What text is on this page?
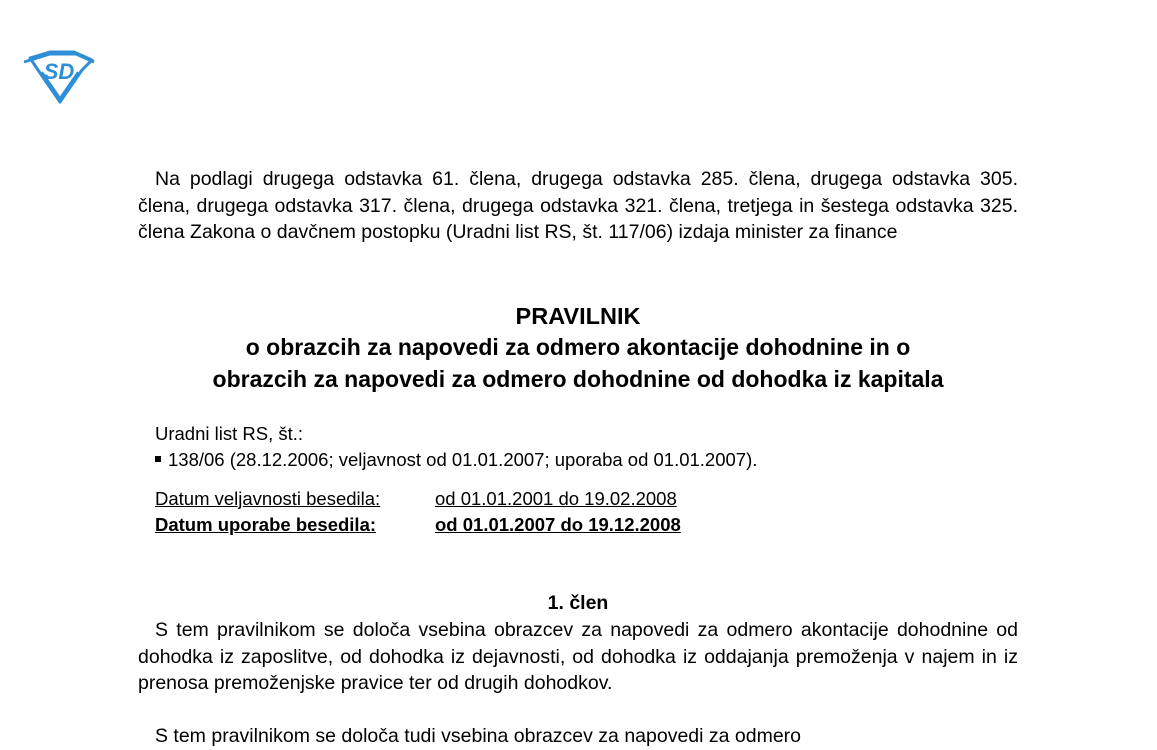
SD

Na podlagi drugega odstavka 61. člena, drugega odstavka 285. člena, drugega odstavka 305. člena, drugega odstavka 317. člena, drugega odstavka 321. člena, tretjega in šestega odstavka 325. člena Zakona o davčnem postopku (Uradni list RS, št. 117/06) izdaja minister za finance

PRAVILNIK
o obrazcih za napovedi za odmero akontacije dohodnine in o
obrazcih za napovedi za odmero dohodnine od dohodka iz kapitala
Uradni list RS, št.:
138/06 (28.12.2006; veljavnost od 01.01.2007; uporaba od 01.01.2007).
Datum veljavnosti besedila:	od 01.01.2001 do 19.02.2008
Datum uporabe besedila:	od 01.01.2007 do 19.12.2008
1. člen

S tem pravilnikom se določa vsebina obrazcev za napovedi za odmero akontacije dohodnine od dohodka iz zaposlitve, od dohodka iz dejavnosti, od dohodka iz oddajanja premoženja v najem in iz prenosa premoženjske pravice ter od drugih dohodkov.

S tem pravilnikom se določa tudi vsebina obrazcev za napovedi za odmero
